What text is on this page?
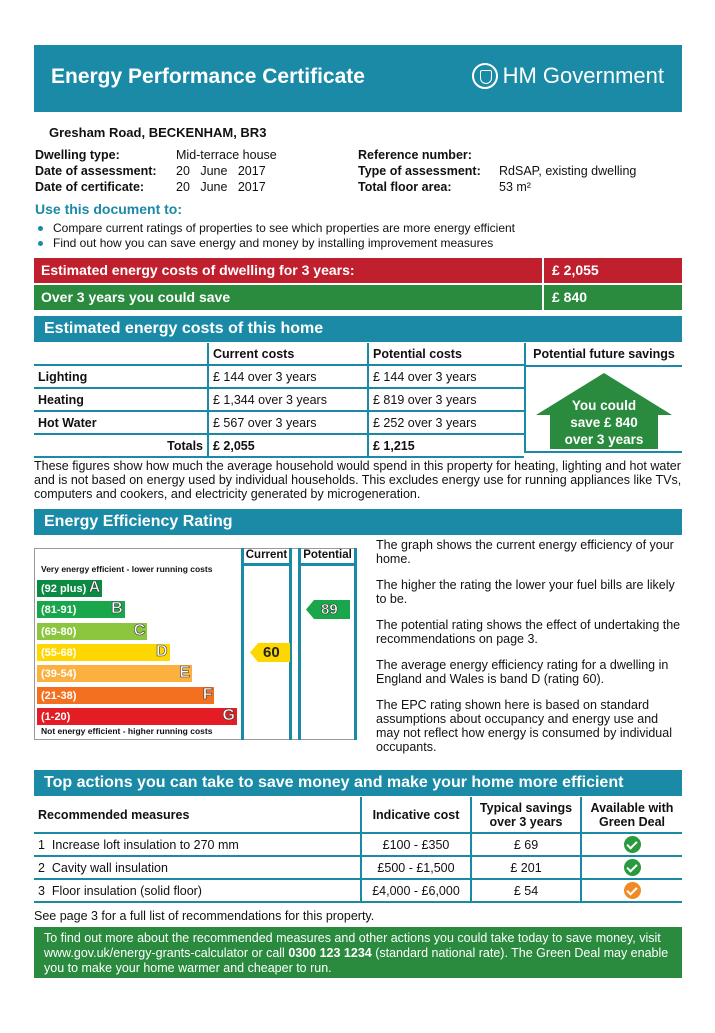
Energy Performance Certificate	HM Government
Gresham Road, BECKENHAM, BR3
Dwelling type:	Mid-terrace house
Date of assessment: 20   June   2017
Date of certificate:	20   June   2017
Reference number:
Type of assessment: RdSAP, existing dwelling
Total floor area:	53 m²
Use this document to:
Compare current ratings of properties to see which properties are more energy efficient
Find out how you can save energy and money by installing improvement measures
Estimated energy costs of dwelling for 3 years:	£ 2,055
Over 3 years you could save	£ 840
Estimated energy costs of this home
	Current costs	Potential costs
Lighting	£ 144 over 3 years	£ 144 over 3 years
Heating	£ 1,344 over 3 years	£ 819 over 3 years
Hot Water	£ 567 over 3 years	£ 252 over 3 years
Totals	£ 2,055	£ 1,215
Potential future savings
You could
save £ 840
over 3 years
These figures show how much the average household would spend in this property for heating, lighting and hot water and is not based on energy used by individual households. This excludes energy use for running appliances like TVs, computers and cookers, and electricity generated by microgeneration.
Energy Efficiency Rating
Very energy efficient - lower running costs
Not energy efficient - higher running costs
(92 plus) A
(81-91) B
(69-80)	C
(55-68)	D
(39-54)	E
(21-38)	F
(1-20)	G
Current Potential
60
89
The graph shows the current energy efficiency of your home.
The higher the rating the lower your fuel bills are likely to be.
The potential rating shows the effect of undertaking the recommendations on page 3.
The average energy efficiency rating for a dwelling in England and Wales is band D (rating 60).
The EPC rating shown here is based on standard assumptions about occupancy and energy use and may not reflect how energy is consumed by individual occupants.
Top actions you can take to save money and make your home more efficient
Recommended measures	Indicative cost	Typical savings over 3 years	Available with Green Deal
1 Increase loft insulation to 270 mm	£100 - £350	£ 69	
2 Cavity wall insulation	£500 - £1,500	£ 201	
3 Floor insulation (solid floor)	£4,000 - £6,000	£ 54	
See page 3 for a full list of recommendations for this property.
To find out more about the recommended measures and other actions you could take today to save money, visit www.gov.uk/energy-grants-calculator or call 0300 123 1234 (standard national rate). The Green Deal may enable you to make your home warmer and cheaper to run.
